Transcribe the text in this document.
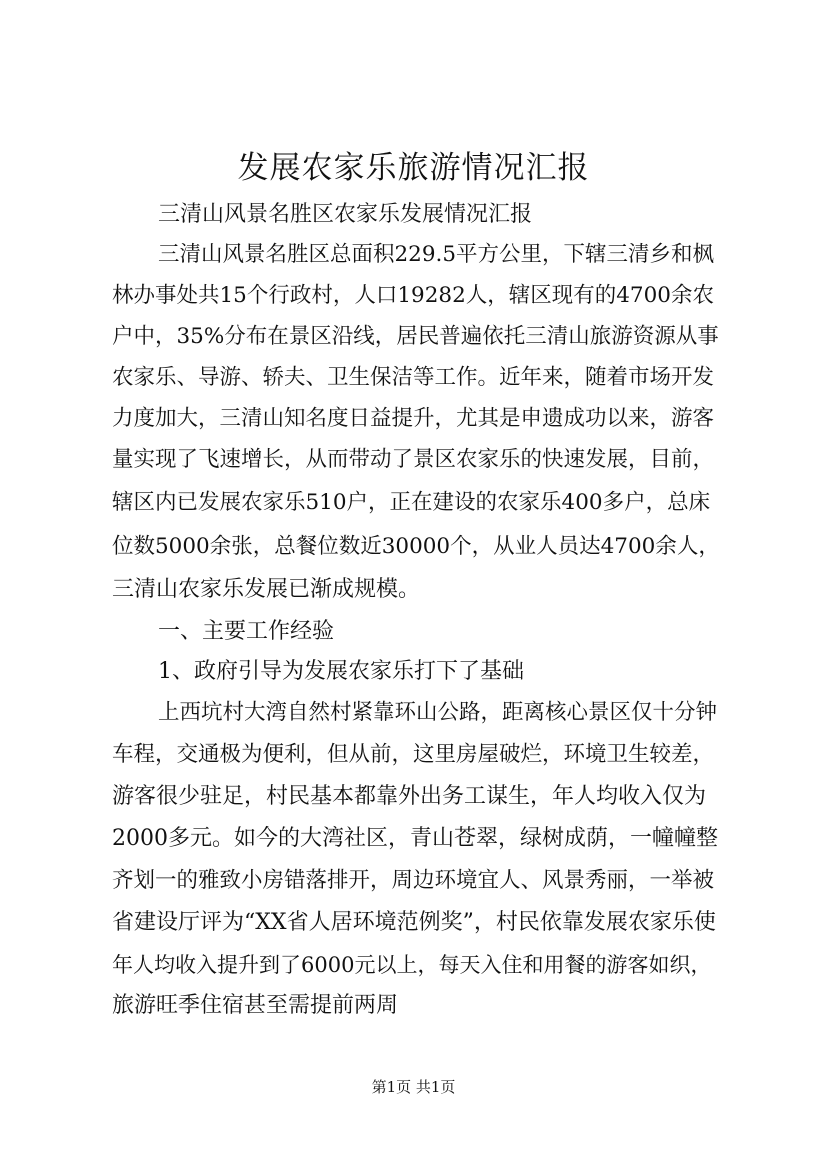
发展农家乐旅游情况汇报

三清山风景名胜区农家乐发展情况汇报

三清山风景名胜区总面积229.5平方公里，下辖三清乡和枫

林办事处共15个行政村，人口19282人，辖区现有的4700余农

户中，35%分布在景区沿线，居民普遍依托三清山旅游资源从事

农家乐、导游、轿夫、卫生保洁等工作。近年来，随着市场开发

力度加大，三清山知名度日益提升，尤其是申遗成功以来，游客

量实现了飞速增长，从而带动了景区农家乐的快速发展，目前，

辖区内已发展农家乐510户，正在建设的农家乐400多户，总床

位数5000余张，总餐位数近30000个，从业人员达4700余人，

三清山农家乐发展已渐成规模。

一、主要工作经验

1、政府引导为发展农家乐打下了基础

上西坑村大湾自然村紧靠环山公路，距离核心景区仅十分钟

车程，交通极为便利，但从前，这里房屋破烂，环境卫生较差，

游客很少驻足，村民基本都靠外出务工谋生，年人均收入仅为

2000多元。如今的大湾社区，青山苍翠，绿树成荫，一幢幢整

齐划一的雅致小房错落排开，周边环境宜人、风景秀丽，一举被

省建设厅评为“XX省人居环境范例奖”，村民依靠发展农家乐使

年人均收入提升到了6000元以上，每天入住和用餐的游客如织，

旅游旺季住宿甚至需提前两周

第1页 共1页
